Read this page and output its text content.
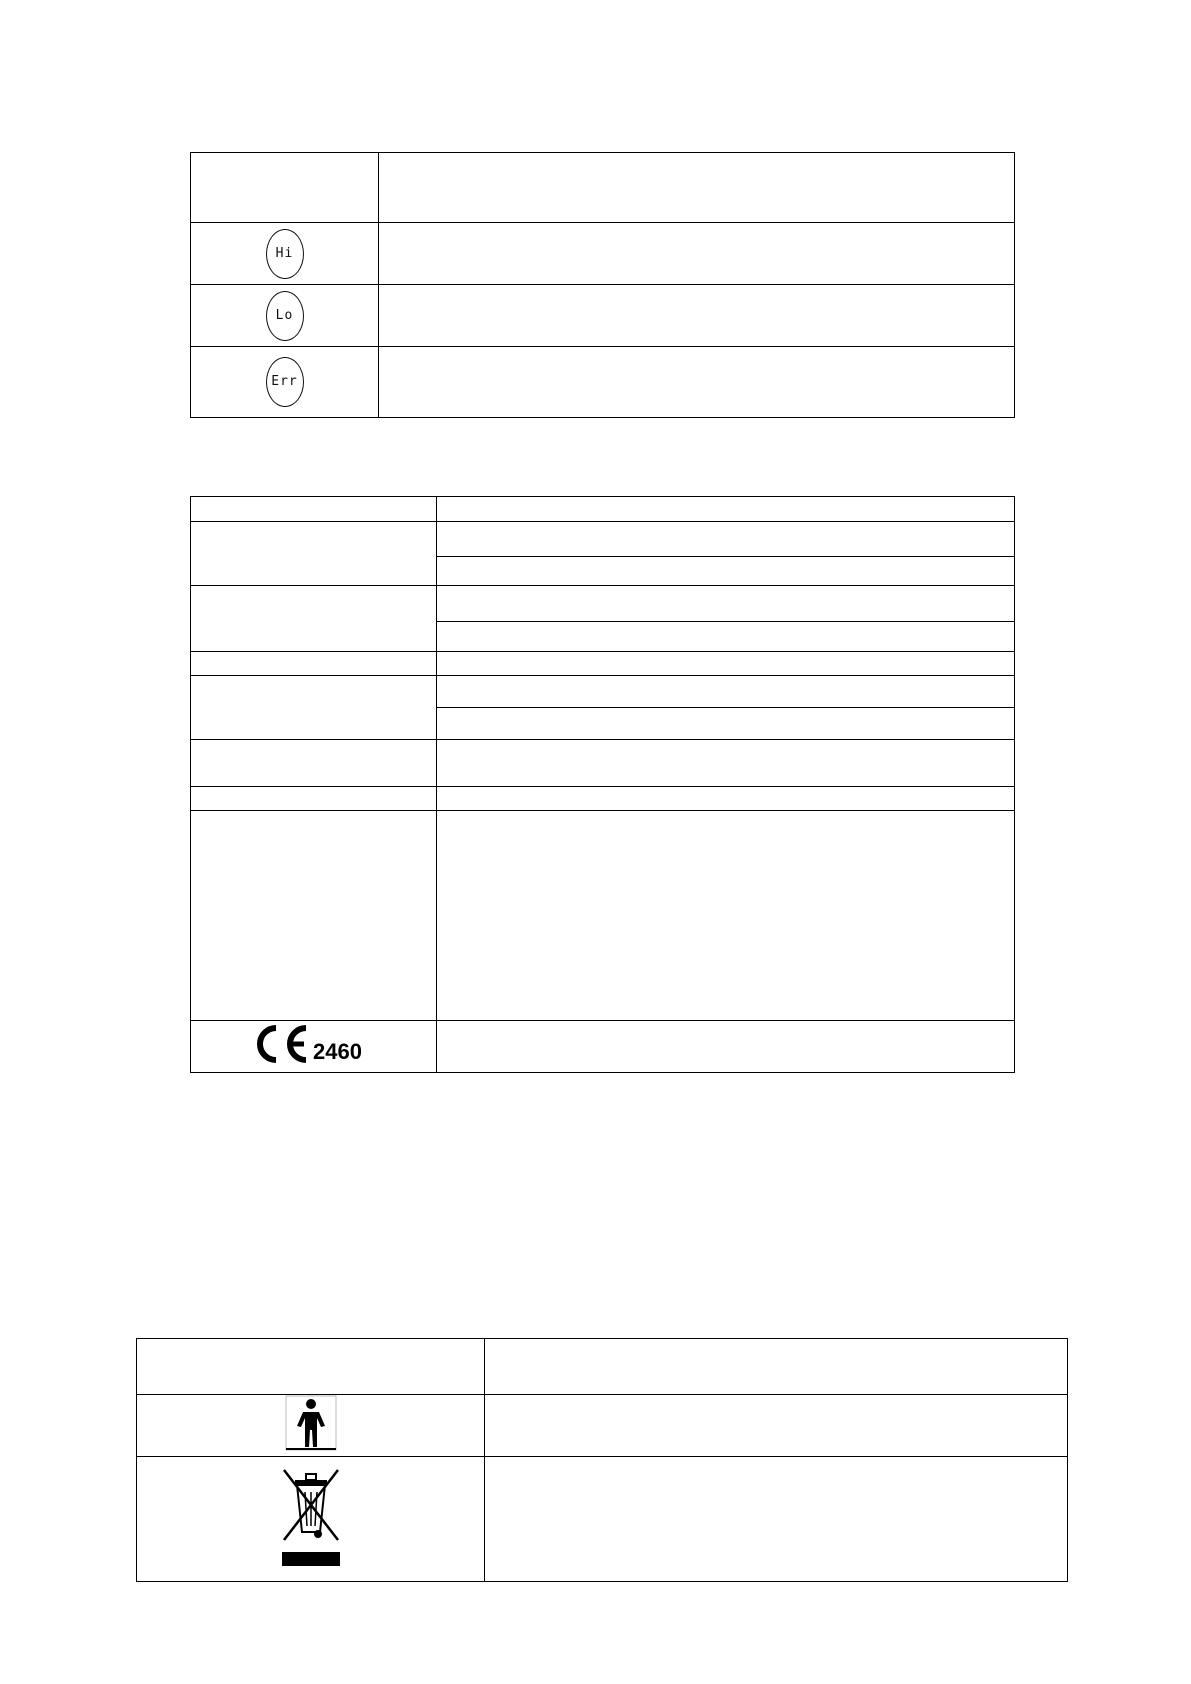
Hi	
Lo	
Err	

2460	
